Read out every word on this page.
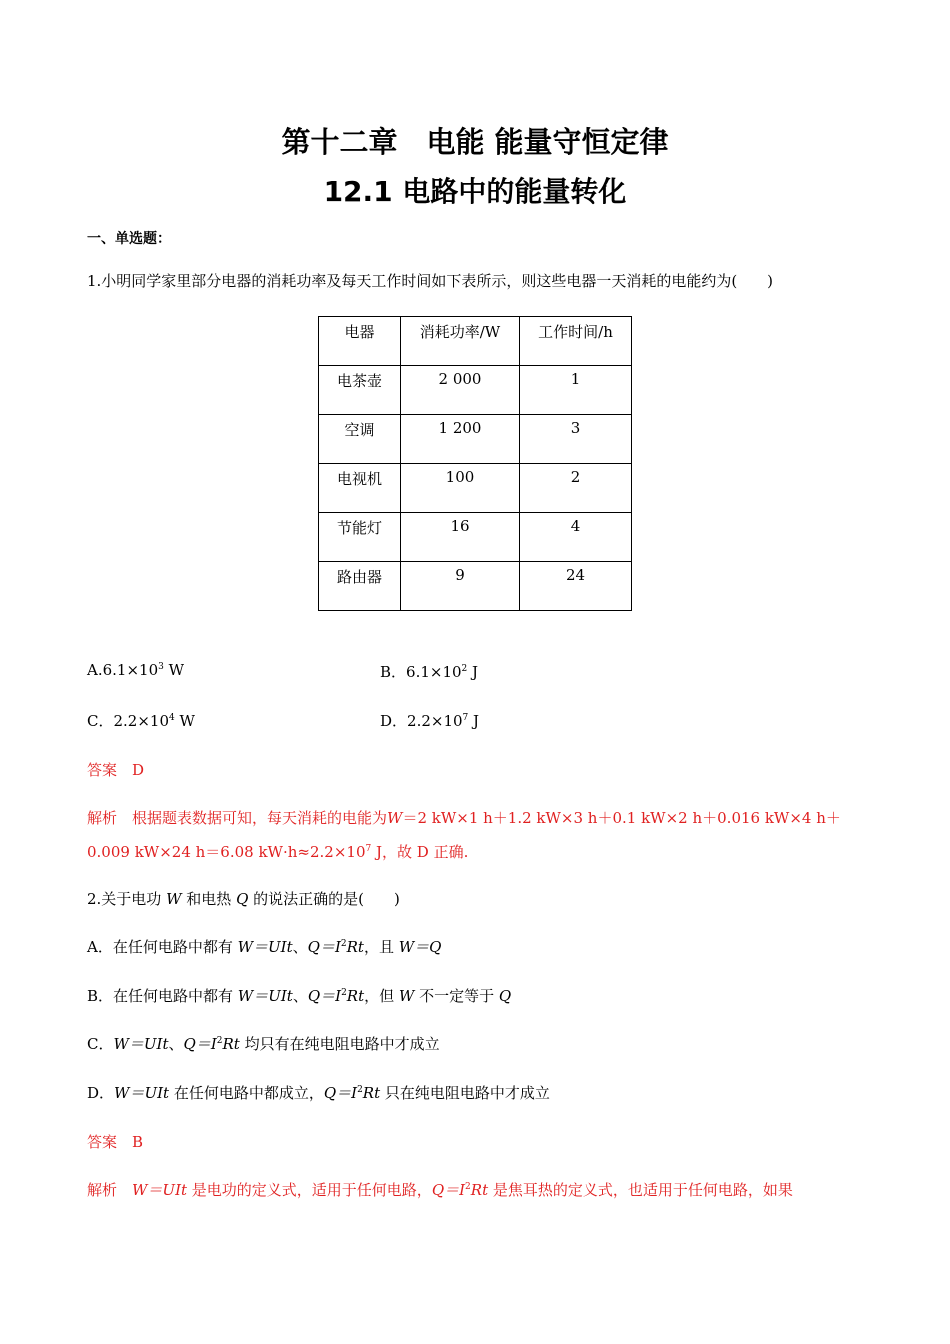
第十二章　电能 能量守恒定律
12.1 电路中的能量转化
一、单选题：
1.小明同学家里部分电器的消耗功率及每天工作时间如下表所示，则这些电器一天消耗的电能约为(　　)
电器	消耗功率/W	工作时间/h

电茶壶	2 000	1

空调	1 200	3

电视机	100	2

节能灯	16	4

路由器	9	24
$A.6.1\times 10^3$ W	B．$6.1\times 10^2$ J
C．$2.2\times 10^4$ W	D．$2.2\times 10^7$ J
答案　D
解析　根据题表数据可知，每天消耗的电能为W＝2 kW×1 h＋1.2 kW×3 h＋0.1 kW×2 h＋0.016 kW×4 h＋
0.009 kW×24 h＝6.08 $kW\cdot h\approx 2.2\times 10^7$ J，故 D 正确.
2.关于电功 W 和电热 Q 的说法正确的是(　　)
A．在任何电路中都有 W＝UIt、$Q=I^2Rt$，且 W＝Q
B．在任何电路中都有 W＝UIt、$Q=I^2Rt$，但 W 不一定等于 Q
C．W＝UIt、$Q=I^2Rt$ 均只有在纯电阻电路中才成立
D．W＝UIt 在任何电路中都成立，$Q=I^2Rt$ 只在纯电阻电路中才成立
答案　B
解析　W＝UIt 是电功的定义式，适用于任何电路，$Q=I^2Rt$ 是焦耳热的定义式，也适用于任何电路，如果
